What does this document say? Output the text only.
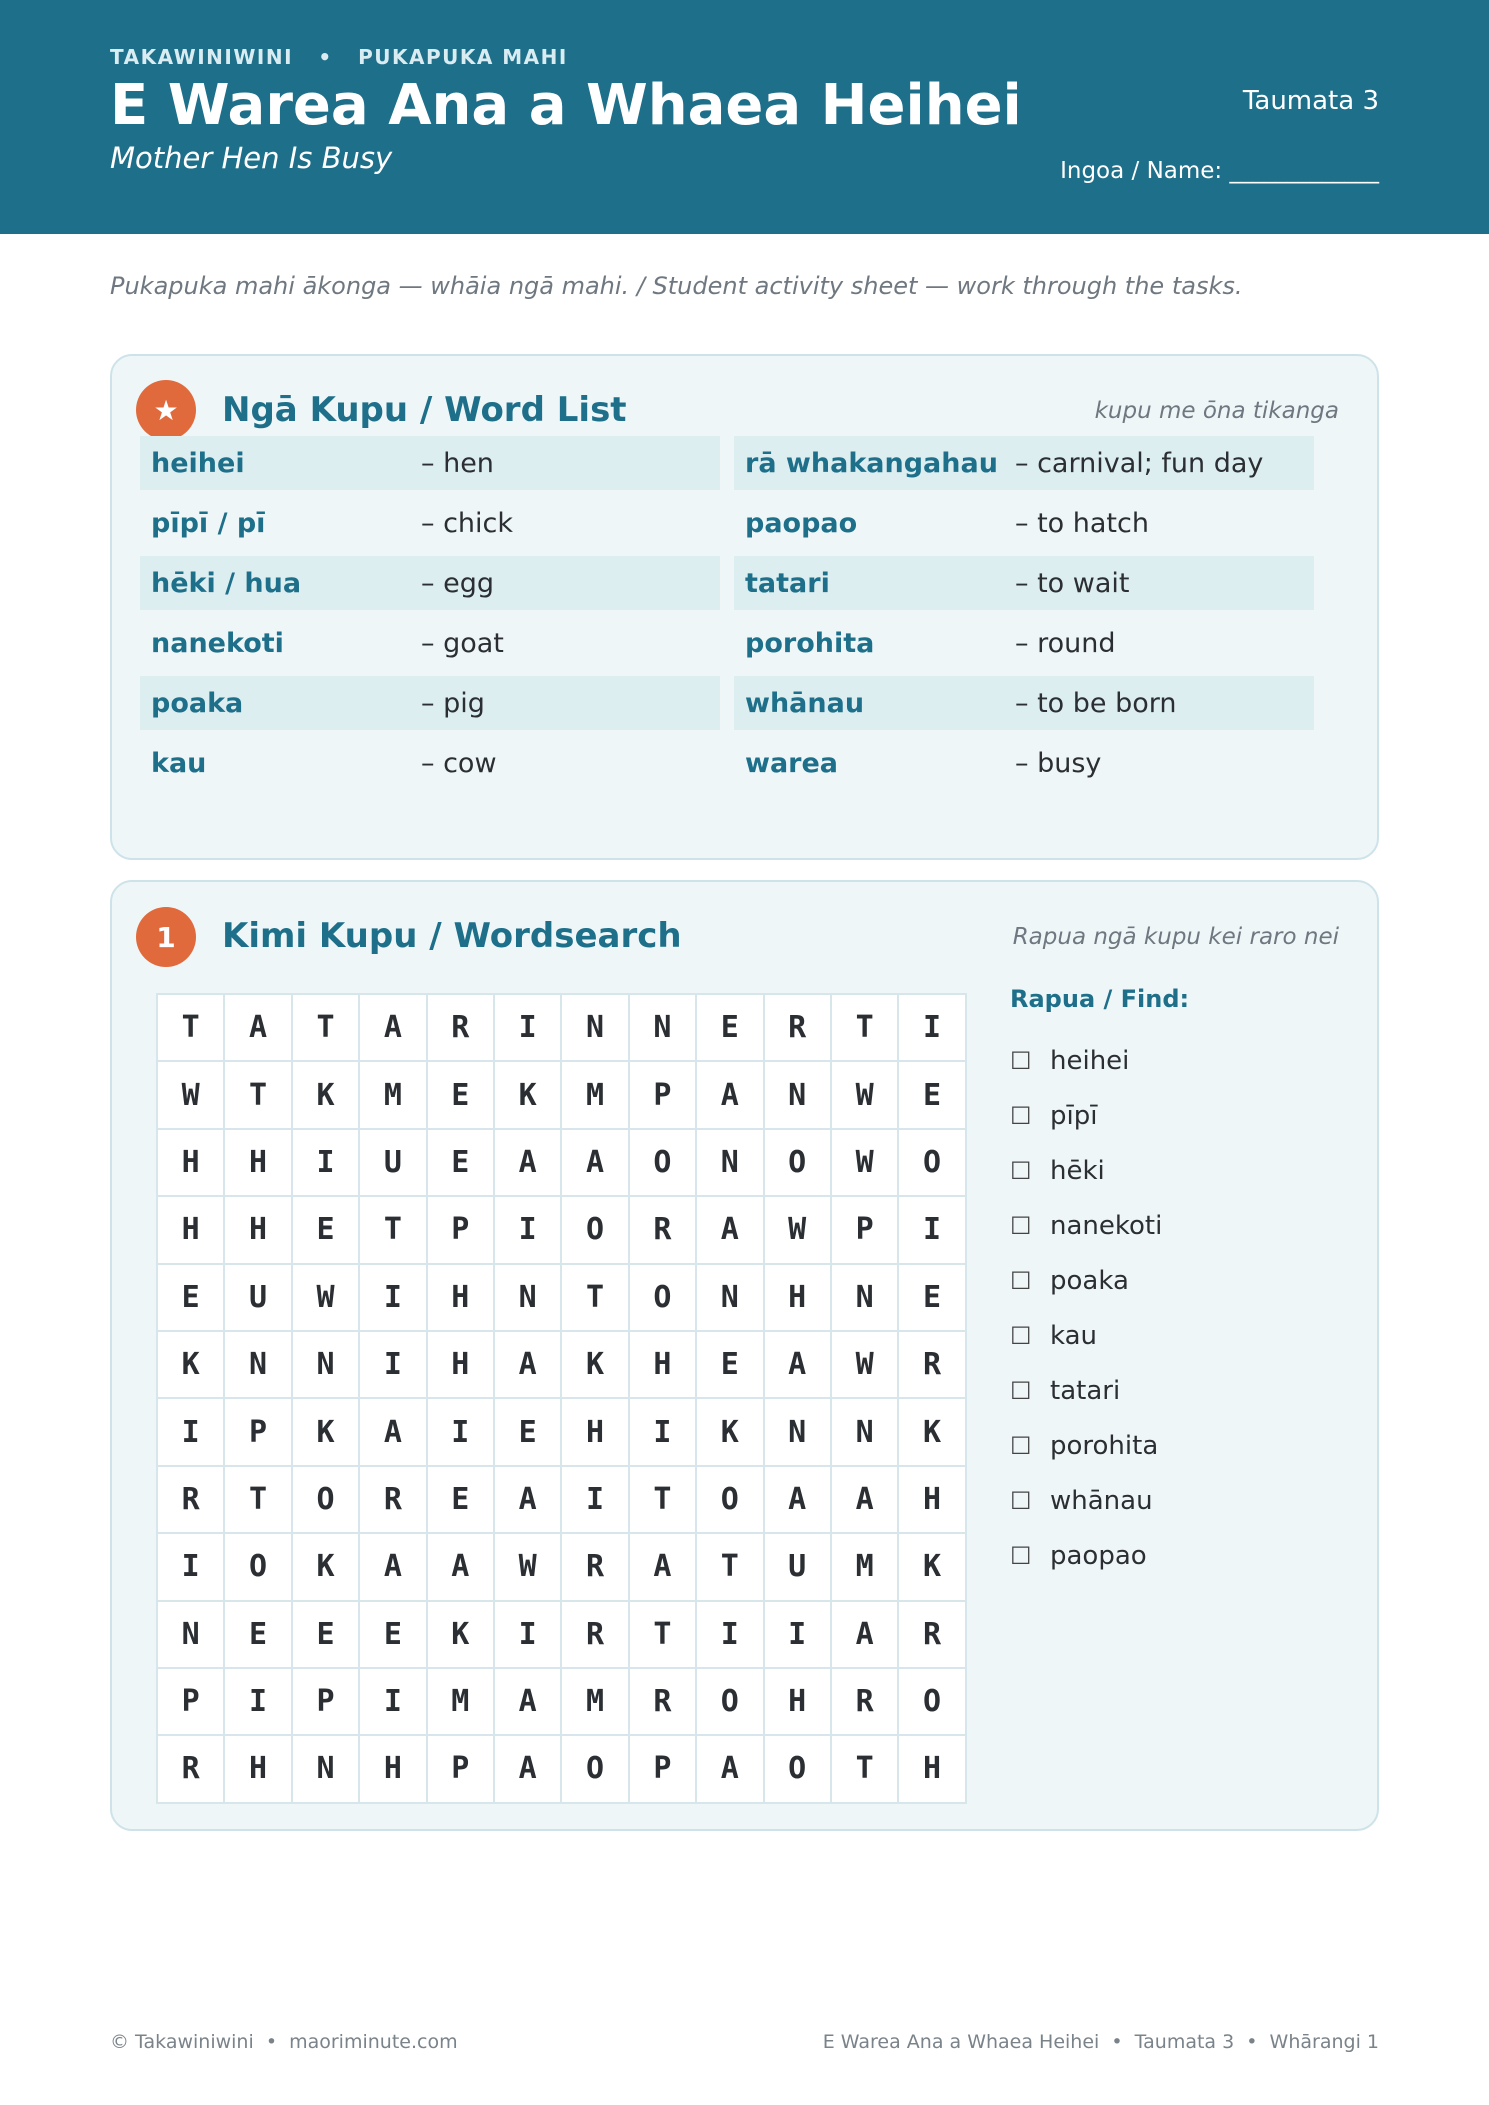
TAKAWINIWINI   •   PUKAPUKA MAHI
E Warea Ana a Whaea Heihei
Mother Hen Is Busy
Taumata 3
Ingoa / Name: _____________
Pukapuka mahi ākonga — whāia ngā mahi. / Student activity sheet — work through the tasks.
★	Ngā Kupu / Word List	kupu me ōna tikanga
heihei	– hen
pīpī / pī	– chick
hēki / hua	– egg
nanekoti	– goat
poaka	– pig
kau	– cow
rā whakangahau – carnival; fun day
paopao	– to hatch
tatari	– to wait
porohita	– round
whānau	– to be born
warea	– busy
1	Kimi Kupu / Wordsearch	Rapua ngā kupu kei raro nei
T	A	T	A	R	I	N	N	E	R	T	I
W	T	K	M	E	K	M	P	A	N	W	E
H	H	I	U	E	A	A	O	N	O	W	O
H	H	E	T	P	I	O	R	A	W	P	I
E	U	W	I	H	N	T	O	N	H	N	E
K	N	N	I	H	A	K	H	E	A	W	R
I	P	K	A	I	E	H	I	K	N	N	K
R	T	O	R	E	A	I	T	O	A	A	H
I	O	K	A	A	W	R	A	T	U	M	K
N	E	E	E	K	I	R	T	I	I	A	R
P	I	P	I	M	A	M	R	O	H	R	O
R	H	N	H	P	A	O	P	A	O	T	H
Rapua / Find:
☐ heihei
☐ pīpī
☐ hēki
☐ nanekoti
☐ poaka
☐ kau
☐ tatari
☐ porohita
☐ whānau
☐ paopao
© Takawiniwini  •  maoriminute.com	E Warea Ana a Whaea Heihei  •  Taumata 3  •  Whārangi 1
